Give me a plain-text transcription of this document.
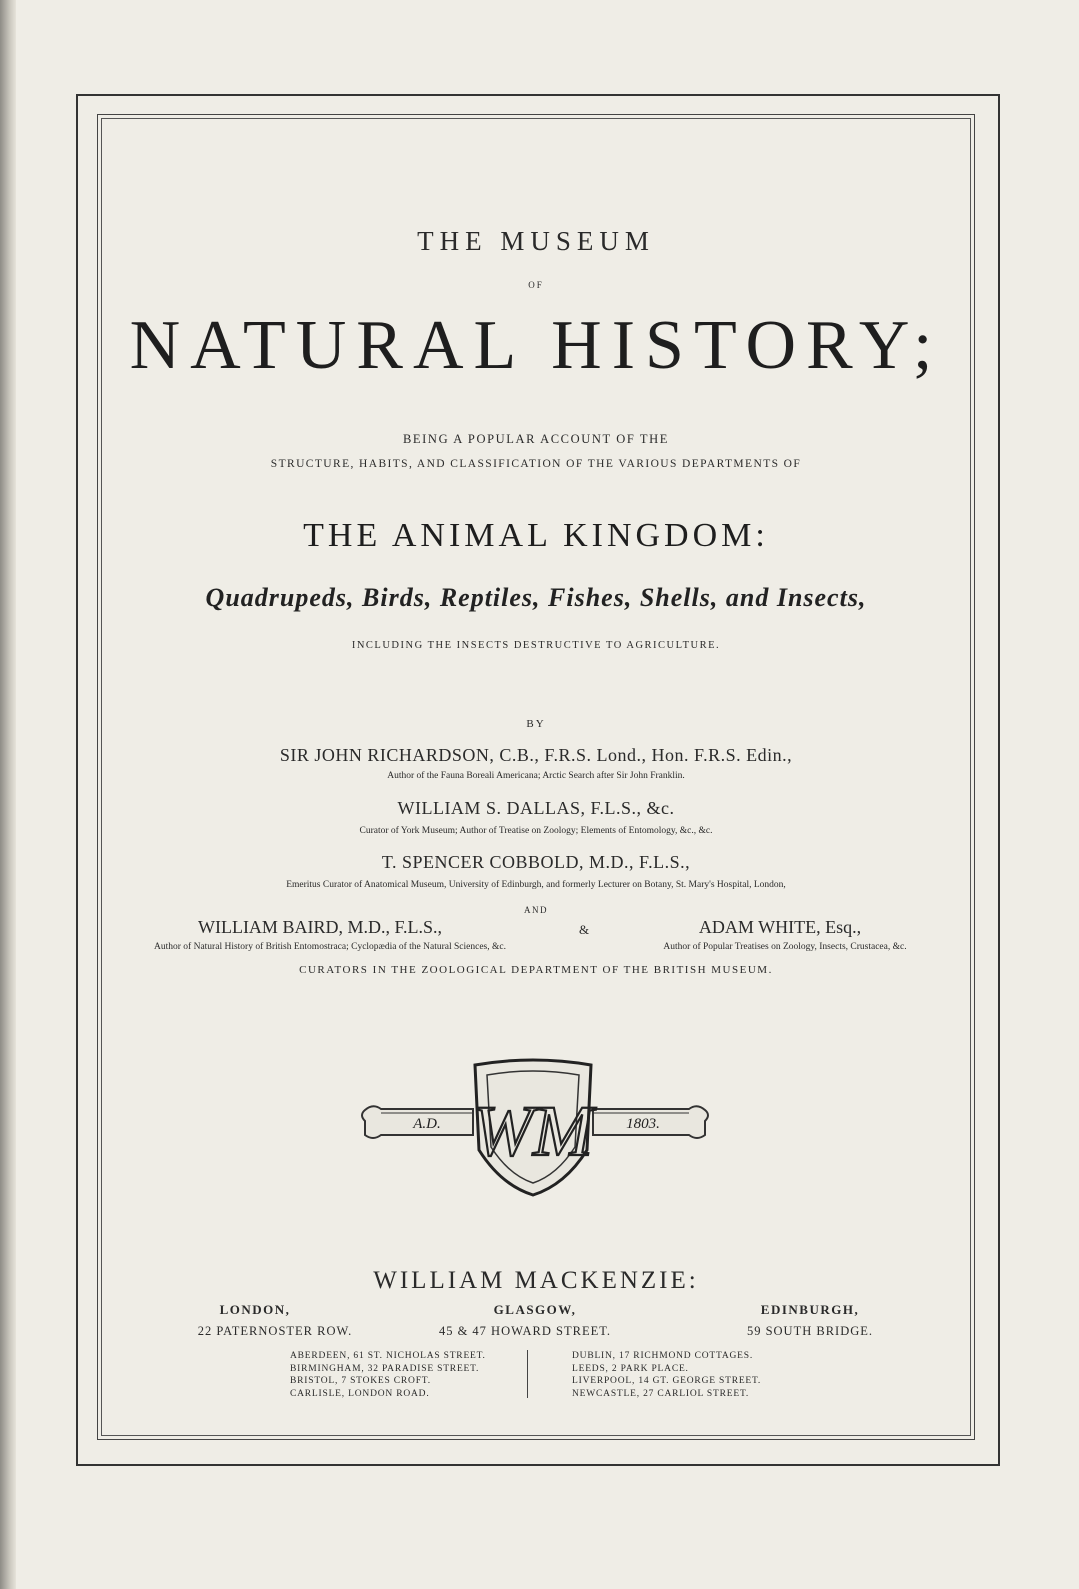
THE MUSEUM
OF
NATURAL HISTORY;
BEING A POPULAR ACCOUNT OF THE
STRUCTURE, HABITS, AND CLASSIFICATION OF THE VARIOUS DEPARTMENTS OF
THE ANIMAL KINGDOM:
Quadrupeds, Birds, Reptiles, Fishes, Shells, and Insects,
INCLUDING THE INSECTS DESTRUCTIVE TO AGRICULTURE.
BY
SIR JOHN RICHARDSON, C.B., F.R.S. Lond., Hon. F.R.S. Edin.,
Author of the Fauna Boreali Americana; Arctic Search after Sir John Franklin.
WILLIAM S. DALLAS, F.L.S., &c.
Curator of York Museum; Author of Treatise on Zoology; Elements of Entomology, &c., &c.
T. SPENCER COBBOLD, M.D., F.L.S.,
Emeritus Curator of Anatomical Museum, University of Edinburgh, and formerly Lecturer on Botany, St. Mary's Hospital, London,
AND
WILLIAM BAIRD, M.D., F.L.S.,
Author of Natural History of British Entomostraca; Cyclopædia of the Natural Sciences, &c.
&	ADAM WHITE, Esq.,
Author of Popular Treatises on Zoology, Insects, Crustacea, &c.
CURATORS IN THE ZOOLOGICAL DEPARTMENT OF THE BRITISH MUSEUM.
A.D.	1803.
WM
WILLIAM MACKENZIE:
LONDON,	GLASGOW,	EDINBURGH,
22 PATERNOSTER ROW.	45 & 47 HOWARD STREET.	59 SOUTH BRIDGE.
ABERDEEN, 61 ST. NICHOLAS STREET.
BIRMINGHAM, 32 PARADISE STREET.
BRISTOL, 7 STOKES CROFT.
CARLISLE, LONDON ROAD.
DUBLIN, 17 RICHMOND COTTAGES.
LEEDS, 2 PARK PLACE.
LIVERPOOL, 14 GT. GEORGE STREET.
NEWCASTLE, 27 CARLIOL STREET.
